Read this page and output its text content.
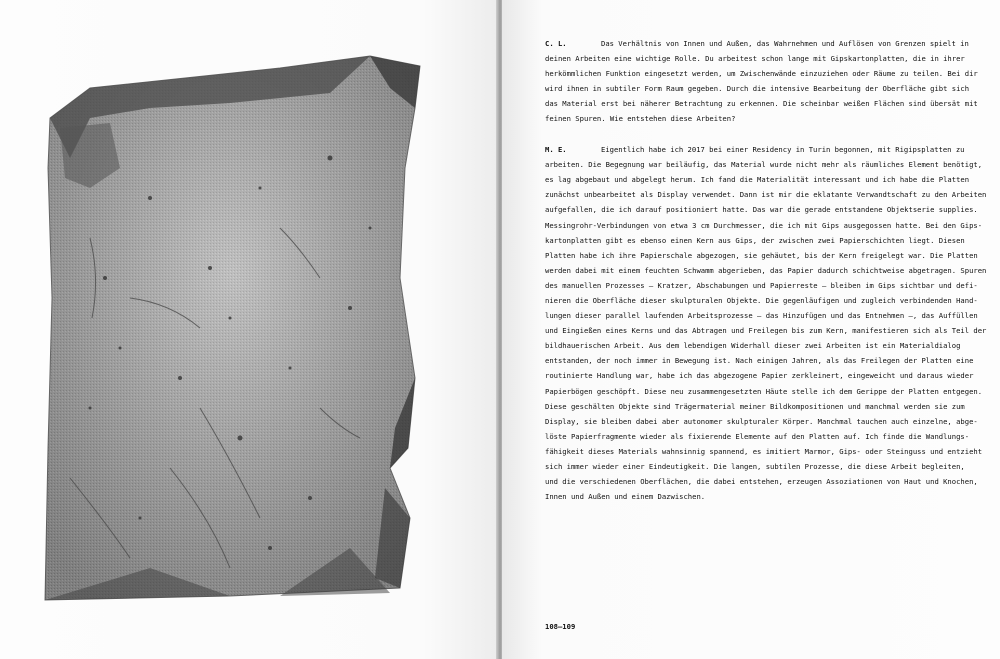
C. L.	Das Verhältnis von Innen und Außen, das Wahrnehmen und Auflösen von Grenzen spielt in
deinen Arbeiten eine wichtige Rolle. Du arbeitest schon lange mit Gipskartonplatten, die in ihrer
herkömmlichen Funktion eingesetzt werden, um Zwischenwände einzuziehen oder Räume zu teilen. Bei dir
wird ihnen in subtiler Form Raum gegeben. Durch die intensive Bearbeitung der Oberfläche gibt sich
das Material erst bei näherer Betrachtung zu erkennen. Die scheinbar weißen Flächen sind übersät mit
feinen Spuren. Wie entstehen diese Arbeiten?
M. E.	Eigentlich habe ich 2017 bei einer Residency in Turin begonnen, mit Rigipsplatten zu
arbeiten. Die Begegnung war beiläufig, das Material wurde nicht mehr als räumliches Element benötigt,
es lag abgebaut und abgelegt herum. Ich fand die Materialität interessant und ich habe die Platten
zunächst unbearbeitet als Display verwendet. Dann ist mir die eklatante Verwandtschaft zu den Arbeiten
aufgefallen, die ich darauf positioniert hatte. Das war die gerade entstandene Objektserie supplies.
Messingrohr-Verbindungen von etwa 3 cm Durchmesser, die ich mit Gips ausgegossen hatte. Bei den Gips-
kartonplatten gibt es ebenso einen Kern aus Gips, der zwischen zwei Papierschichten liegt. Diesen
Platten habe ich ihre Papierschale abgezogen, sie gehäutet, bis der Kern freigelegt war. Die Platten
werden dabei mit einem feuchten Schwamm abgerieben, das Papier dadurch schichtweise abgetragen. Spuren
des manuellen Prozesses – Kratzer, Abschabungen und Papierreste – bleiben im Gips sichtbar und defi-
nieren die Oberfläche dieser skulpturalen Objekte. Die gegenläufigen und zugleich verbindenden Hand-
lungen dieser parallel laufenden Arbeitsprozesse – das Hinzufügen und das Entnehmen –, das Auffüllen
und Eingießen eines Kerns und das Abtragen und Freilegen bis zum Kern, manifestieren sich als Teil der
bildhauerischen Arbeit. Aus dem lebendigen Widerhall dieser zwei Arbeiten ist ein Materialdialog
entstanden, der noch immer in Bewegung ist. Nach einigen Jahren, als das Freilegen der Platten eine
routinierte Handlung war, habe ich das abgezogene Papier zerkleinert, eingeweicht und daraus wieder
Papierbögen geschöpft. Diese neu zusammengesetzten Häute stelle ich dem Gerippe der Platten entgegen.
Diese geschälten Objekte sind Trägermaterial meiner Bildkompositionen und manchmal werden sie zum
Display, sie bleiben dabei aber autonomer skulpturaler Körper. Manchmal tauchen auch einzelne, abge-
löste Papierfragmente wieder als fixierende Elemente auf den Platten auf. Ich finde die Wandlungs-
fähigkeit dieses Materials wahnsinnig spannend, es imitiert Marmor, Gips- oder Steinguss und entzieht
sich immer wieder einer Eindeutigkeit. Die langen, subtilen Prozesse, die diese Arbeit begleiten,
und die verschiedenen Oberflächen, die dabei entstehen, erzeugen Assoziationen von Haut und Knochen,
Innen und Außen und einem Dazwischen.
108–109
